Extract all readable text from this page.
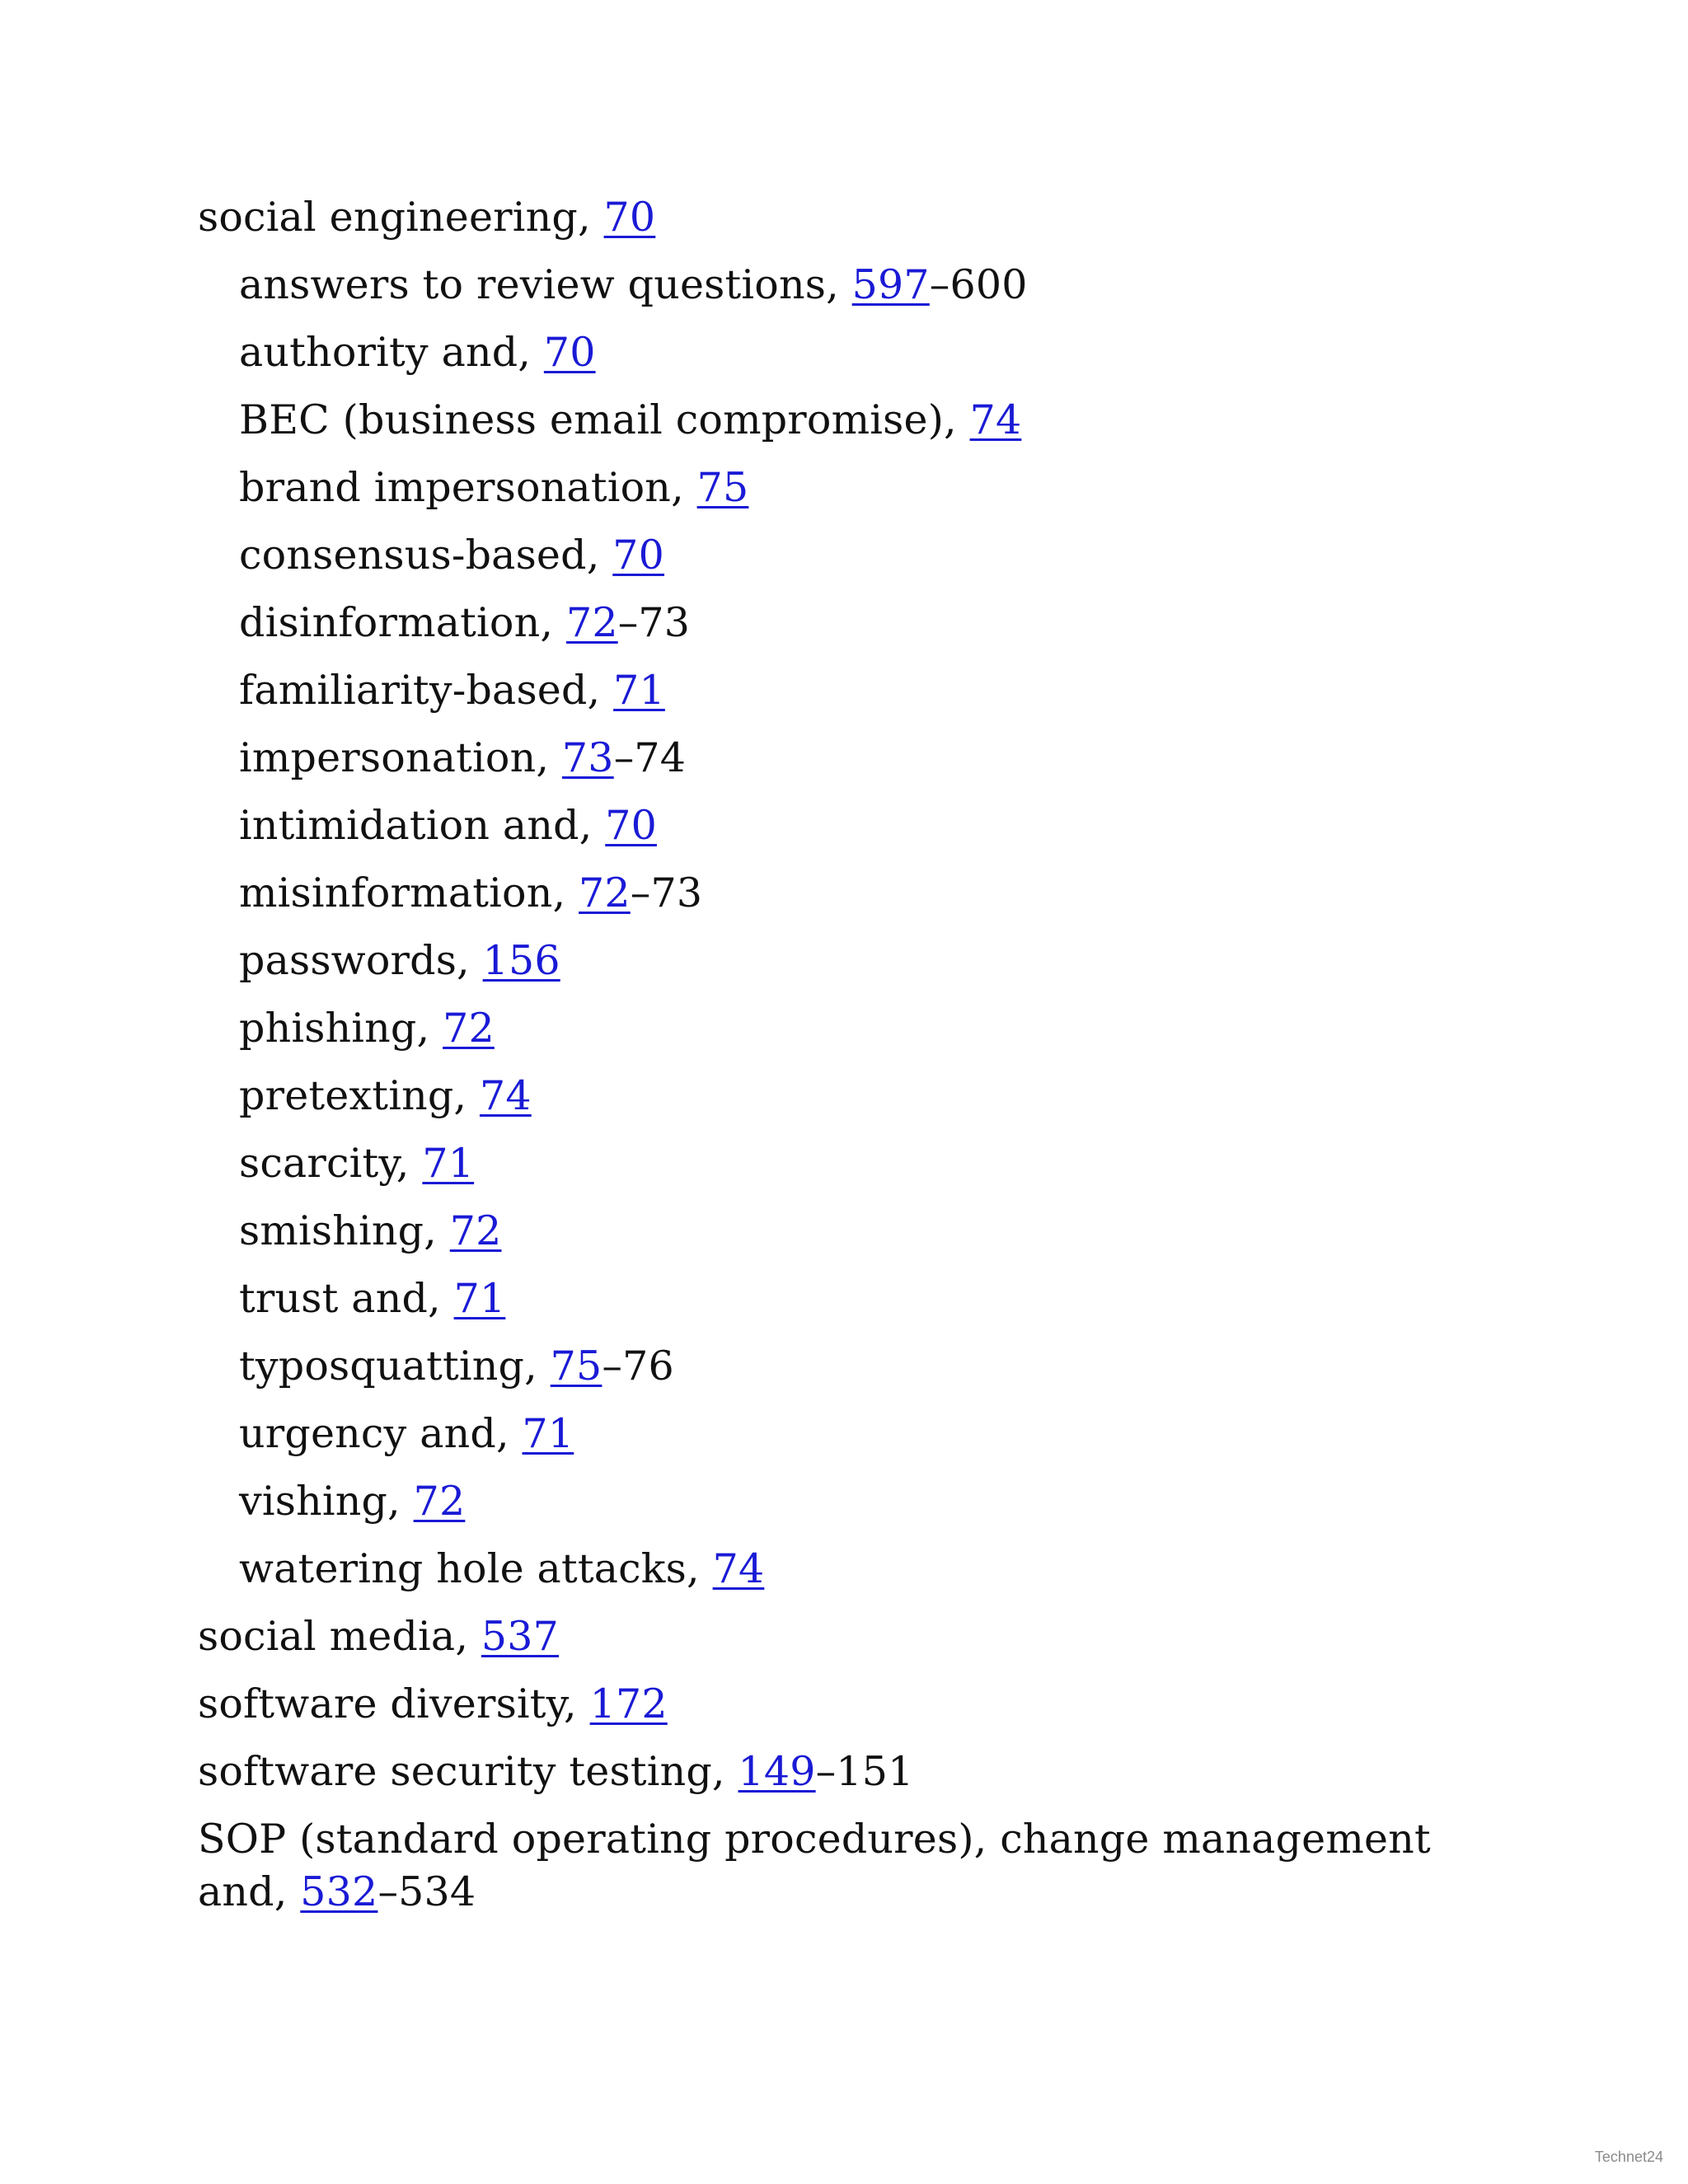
social engineering, 70
answers to review questions, 597–600
authority and, 70
BEC (business email compromise), 74
brand impersonation, 75
consensus-based, 70
disinformation, 72–73
familiarity-based, 71
impersonation, 73–74
intimidation and, 70
misinformation, 72–73
passwords, 156
phishing, 72
pretexting, 74
scarcity, 71
smishing, 72
trust and, 71
typosquatting, 75–76
urgency and, 71
vishing, 72
watering hole attacks, 74
social media, 537
software diversity, 172
software security testing, 149–151
SOP (standard operating procedures), change management and, 532–534
Technet24
